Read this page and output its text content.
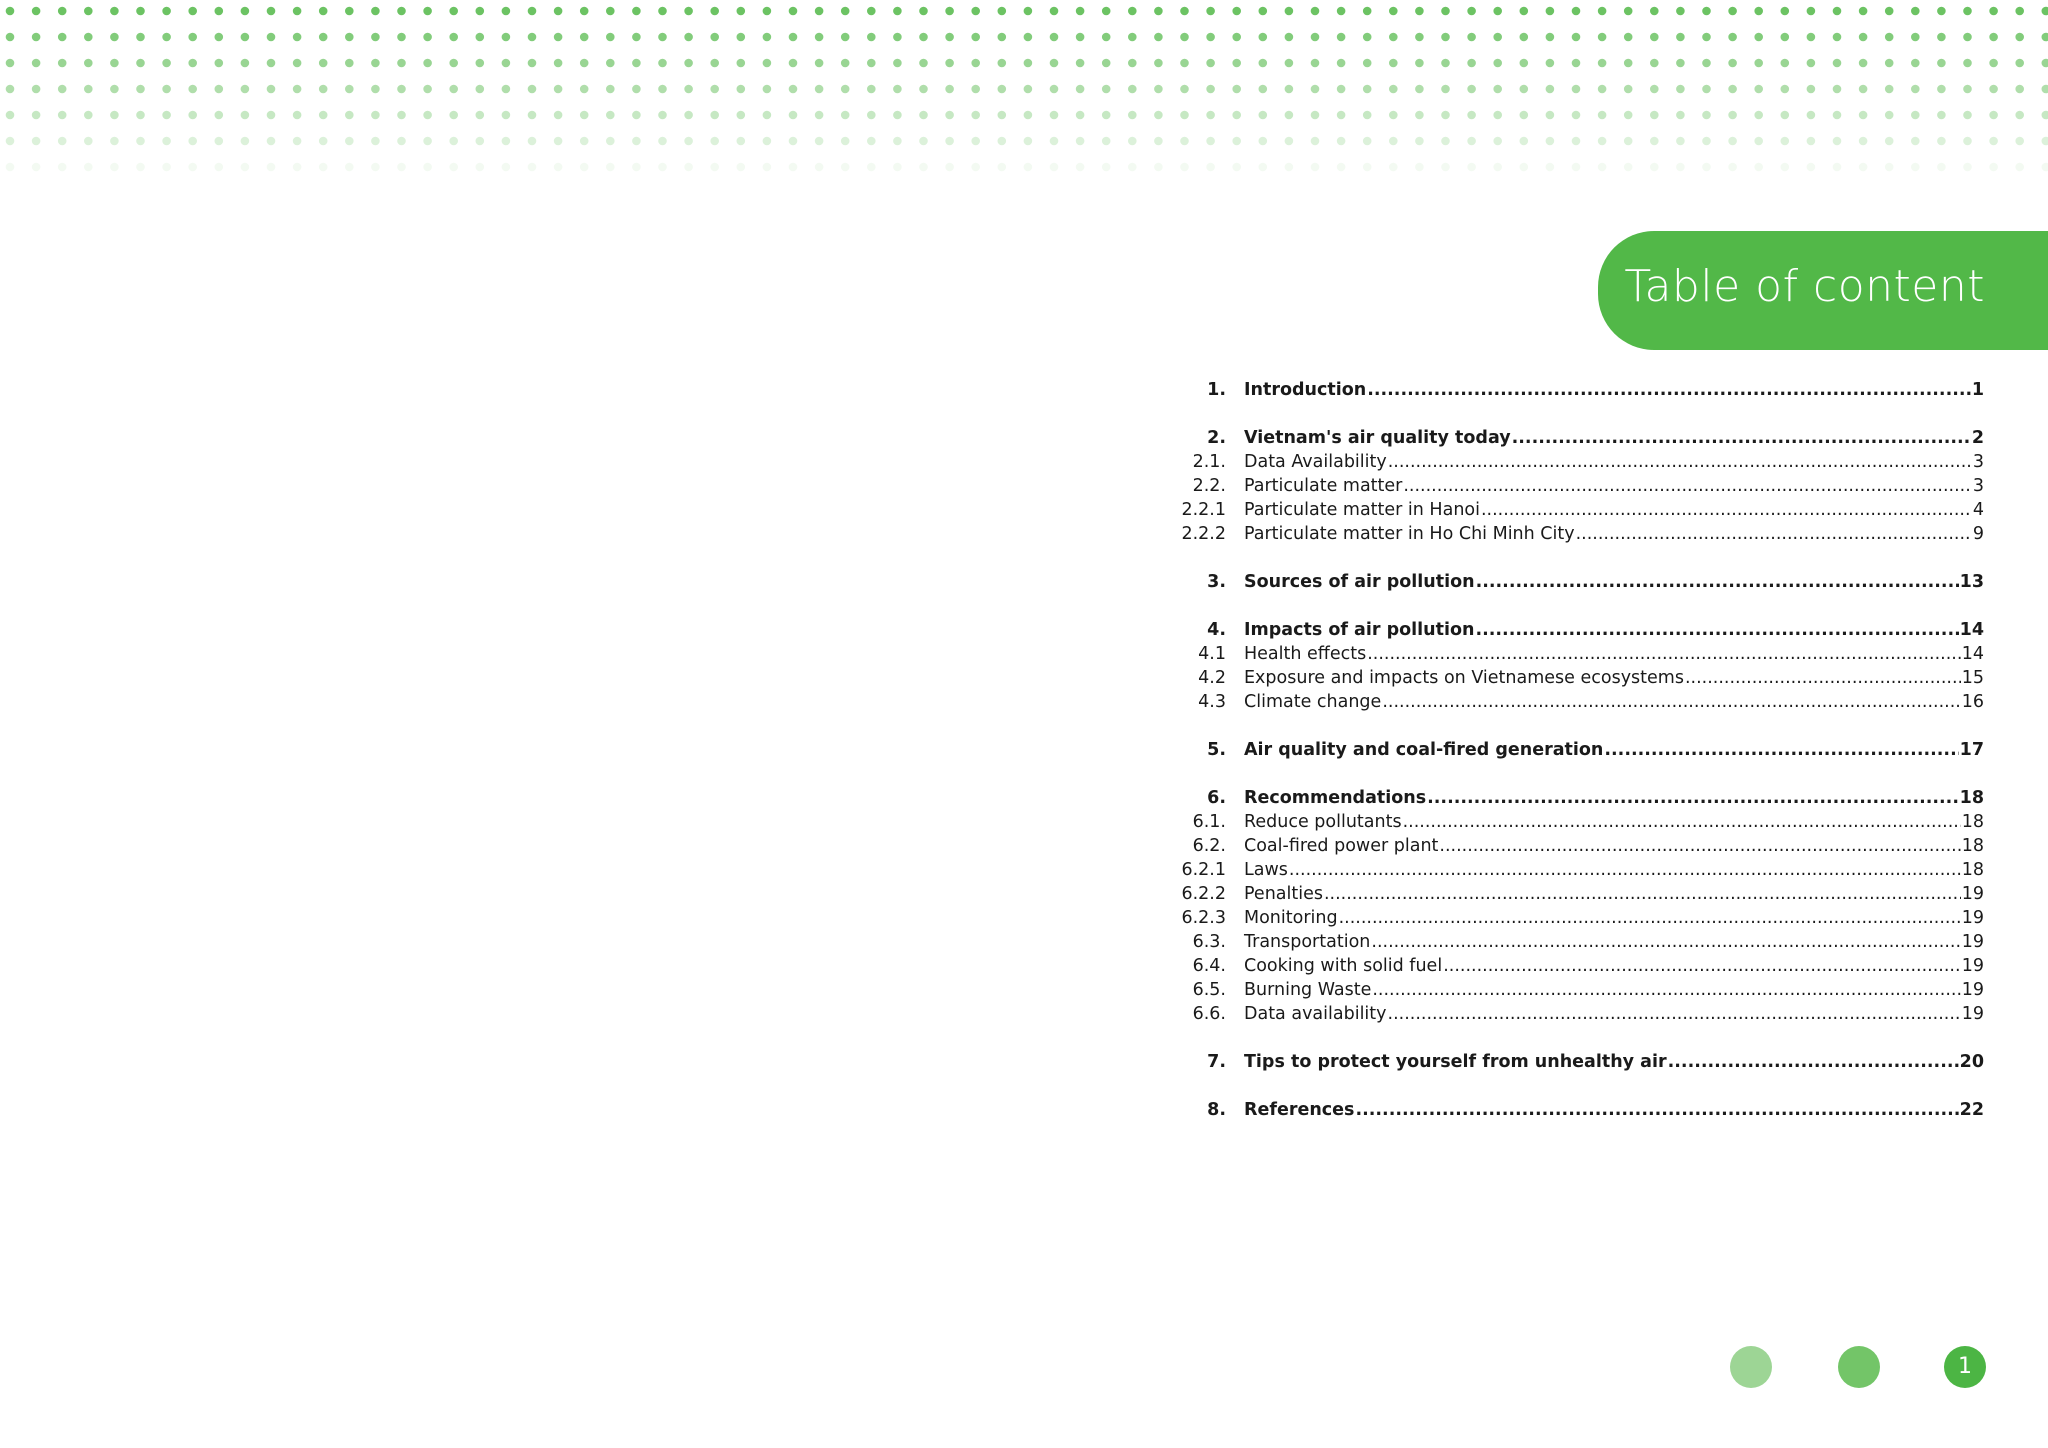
Table of content
1. Introduction .....	1
2. Vietnam's air quality today .....	2
2.1. Data Availability .....	3
2.2. Particulate matter .....	3
2.2.1 Particulate matter in Hanoi .....	4
2.2.2 Particulate matter in Ho Chi Minh City .....	9
3. Sources of air pollution .....	13
4. Impacts of air pollution .....	14
4.1 Health effects .....	14
4.2 Exposure and impacts on Vietnamese ecosystems .....	15
4.3 Climate change .....	16
5. Air quality and coal-fired generation .....	17
6. Recommendations .....	18
6.1. Reduce pollutants .....	18
6.2. Coal-fired power plant .....	18
6.2.1 Laws .....	18
6.2.2 Penalties .....	19
6.2.3 Monitoring .....	19
6.3. Transportation .....	19
6.4. Cooking with solid fuel .....	19
6.5. Burning Waste .....	19
6.6. Data availability .....	19
7. Tips to protect yourself from unhealthy air .....	20
8. References .....	22
1
